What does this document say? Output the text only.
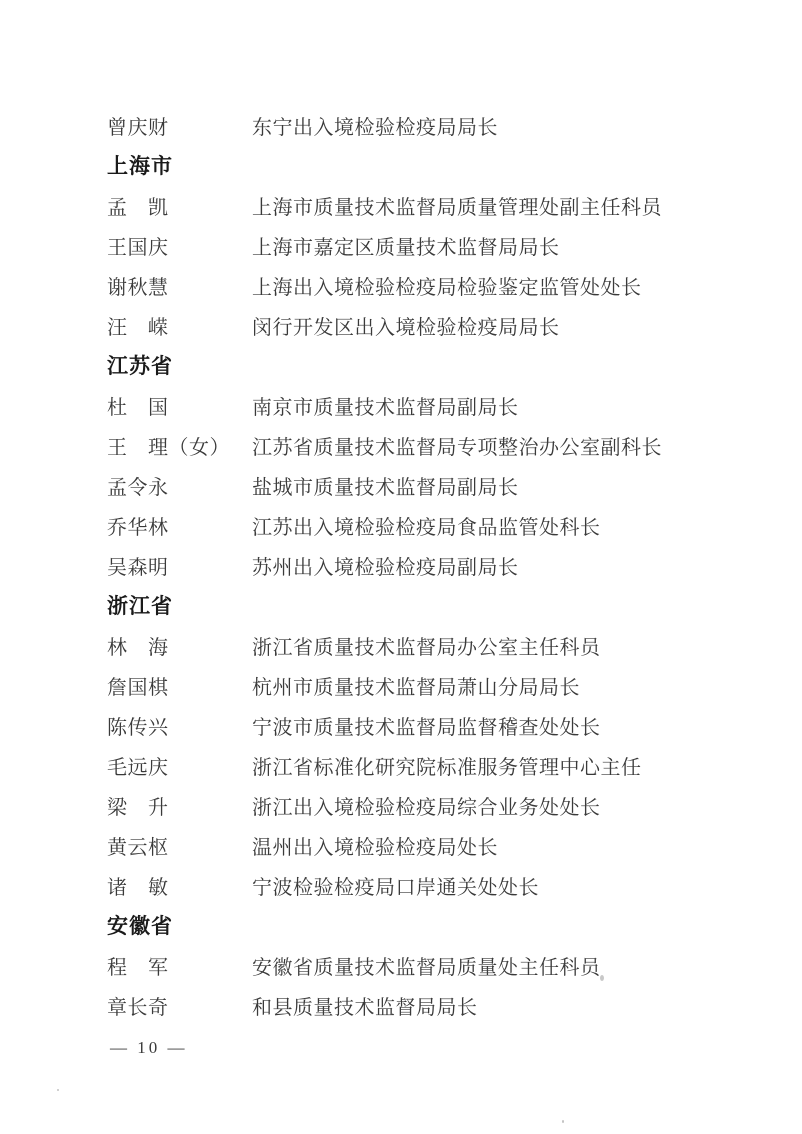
曾庆财	东宁出入境检验检疫局局长
上海市
孟　凯	上海市质量技术监督局质量管理处副主任科员
王国庆	上海市嘉定区质量技术监督局局长
谢秋慧	上海出入境检验检疫局检验鉴定监管处处长
汪　嵘	闵行开发区出入境检验检疫局局长
江苏省
杜　国	南京市质量技术监督局副局长
王　理（女）	江苏省质量技术监督局专项整治办公室副科长
孟令永	盐城市质量技术监督局副局长
乔华林	江苏出入境检验检疫局食品监管处科长
吴森明	苏州出入境检验检疫局副局长
浙江省
林　海	浙江省质量技术监督局办公室主任科员
詹国棋	杭州市质量技术监督局萧山分局局长
陈传兴	宁波市质量技术监督局监督稽查处处长
毛远庆	浙江省标准化研究院标准服务管理中心主任
梁　升	浙江出入境检验检疫局综合业务处处长
黄云枢	温州出入境检验检疫局处长
诸　敏	宁波检验检疫局口岸通关处处长
安徽省
程　军	安徽省质量技术监督局质量处主任科员
章长奇	和县质量技术监督局局长
— 10 —
